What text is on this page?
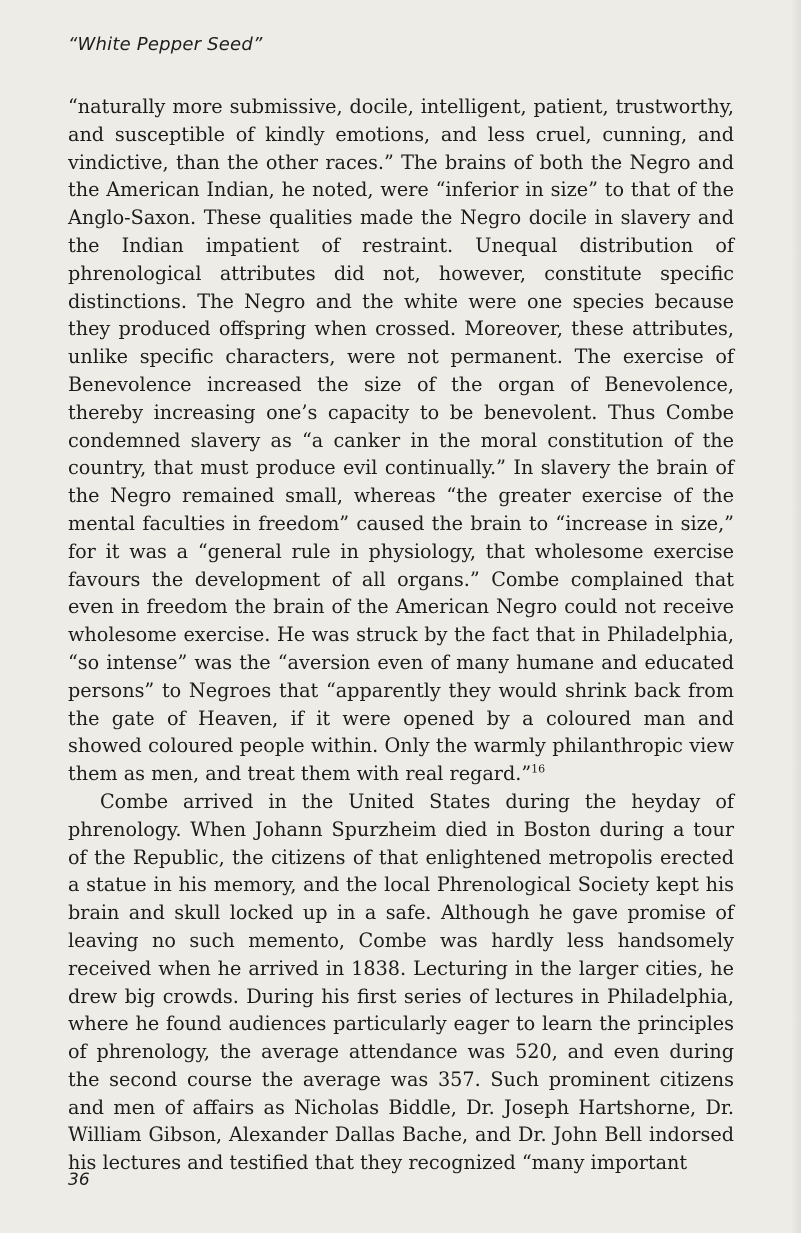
“White Pepper Seed”

“naturally more submissive, docile, intelligent, patient, trustworthy, and susceptible of kindly emotions, and less cruel, cunning, and vindictive, than the other races.” The brains of both the Negro and the American Indian, he noted, were “inferior in size” to that of the Anglo-Saxon. These qualities made the Negro docile in slavery and the Indian impatient of restraint. Unequal distribution of phrenological attributes did not, however, constitute specific distinctions. The Negro and the white were one species because they produced offspring when crossed. Moreover, these attributes, unlike specific characters, were not permanent. The exercise of Benevolence increased the size of the organ of Benevolence, thereby increasing one’s capacity to be benevolent. Thus Combe condemned slavery as “a canker in the moral constitution of the country, that must produce evil continually.” In slavery the brain of the Negro remained small, whereas “the greater exercise of the mental faculties in freedom” caused the brain to “increase in size,” for it was a “general rule in physiology, that wholesome exercise favours the development of all organs.” Combe complained that even in freedom the brain of the American Negro could not receive wholesome exercise. He was struck by the fact that in Philadelphia, “so intense” was the “aversion even of many humane and educated persons” to Negroes that “apparently they would shrink back from the gate of Heaven, if it were opened by a coloured man and showed coloured people within. Only the warmly philanthropic view them as men, and treat them with real regard.”$^{16}$

Combe arrived in the United States during the heyday of phrenology. When Johann Spurzheim died in Boston during a tour of the Republic, the citizens of that enlightened metropolis erected a statue in his memory, and the local Phrenological Society kept his brain and skull locked up in a safe. Although he gave promise of leaving no such memento, Combe was hardly less handsomely received when he arrived in 1838. Lecturing in the larger cities, he drew big crowds. During his first series of lectures in Philadelphia, where he found audiences particularly eager to learn the principles of phrenology, the average attendance was 520, and even during the second course the average was 357. Such prominent citizens and men of affairs as Nicholas Biddle, Dr. Joseph Hartshorne, Dr. William Gibson, Alexander Dallas Bache, and Dr. John Bell indorsed his lectures and testified that they recognized “many important

36
